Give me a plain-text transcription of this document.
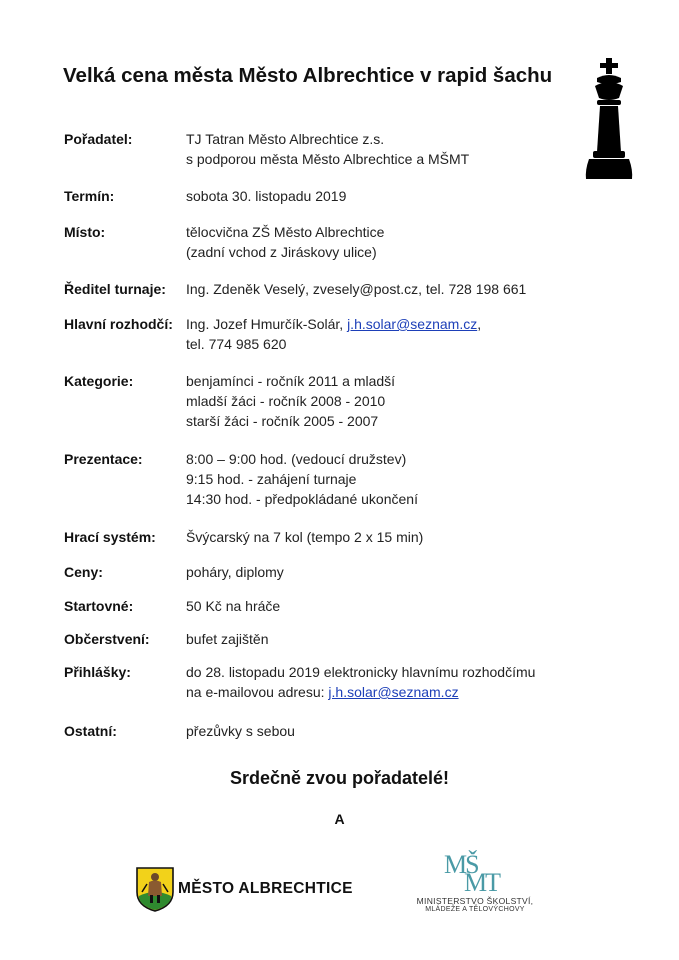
Velká cena města Město Albrechtice v rapid šachu
Pořadatel:	TJ Tatran Město Albrechtice z.s.
s podporou města Město Albrechtice a MŠMT
Termín:	sobota 30. listopadu 2019
Místo:	tělocvična ZŠ Město Albrechtice
(zadní vchod z Jiráskovy ulice)
Ředitel turnaje: Ing. Zdeněk Veselý, zvesely@post.cz, tel. 728 198 661
Hlavní rozhodčí: Ing. Jozef Hmurčík-Solár, j.h.solar@seznam.cz,
tel. 774 985 620
Kategorie:	benjamínci - ročník 2011 a mladší
mladší žáci - ročník 2008 - 2010
starší žáci - ročník 2005 - 2007
Prezentace:	8:00 – 9:00 hod. (vedoucí družstev)
9:15 hod. - zahájení turnaje
14:30 hod. - předpokládané ukončení
Hrací systém: Švýcarský na 7 kol (tempo 2 x 15 min)
Ceny:	poháry, diplomy
Startovné:	50 Kč na hráče
Občerstvení:	bufet zajištěn
Přihlášky:	do 28. listopadu 2019 elektronicky hlavnímu rozhodčímu
na e-mailovou adresu: j.h.solar@seznam.cz
Ostatní:	přezůvky s sebou
Srdečně zvou pořadatelé!
A
MĚSTO ALBRECHTICE
MŠ
MT
MINISTERSTVO ŠKOLSTVÍ,
MLÁDEŽE A TĚLOVÝCHOVY
